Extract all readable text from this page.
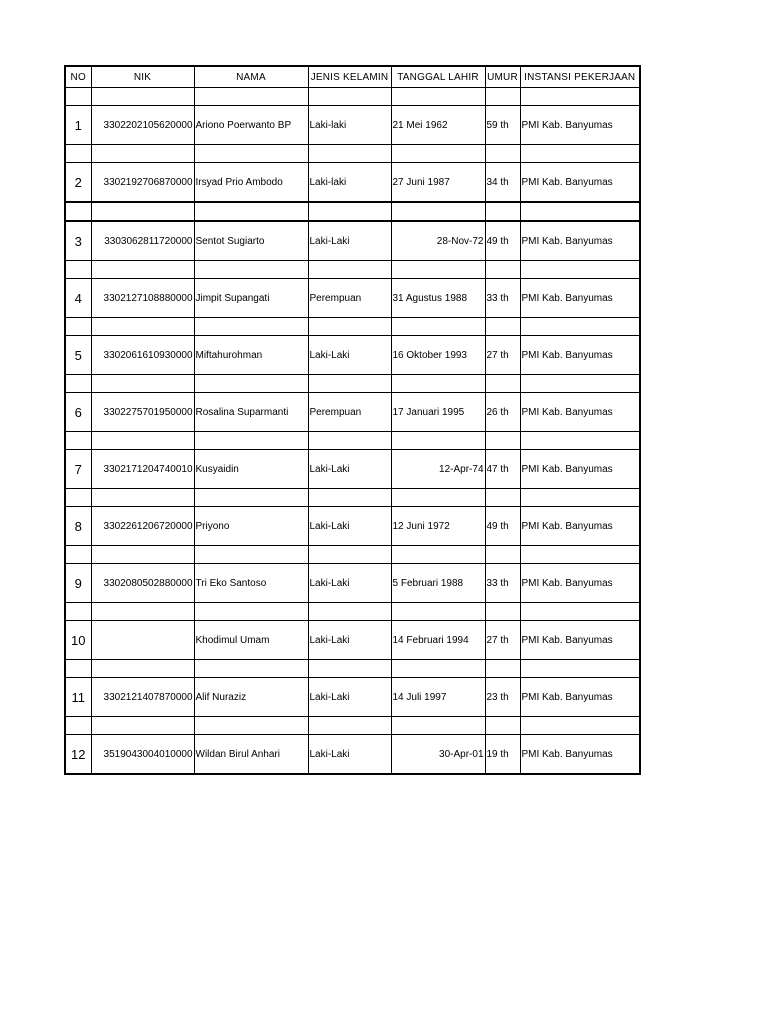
NO	NIK	NAMA	JENIS KELAMIN	TANGGAL LAHIR	UMUR	INSTANSI PEKERJAAN

1	3302202105620000	Ariono Poerwanto BP	Laki-laki	21 Mei 1962	59 th	PMI Kab. Banyumas

2	3302192706870000	Irsyad Prio Ambodo	Laki-laki	27 Juni 1987	34 th	PMI Kab. Banyumas

3	3303062811720000	Sentot Sugiarto	Laki-Laki	28-Nov-72	49 th	PMI Kab. Banyumas

4	3302127108880000	Jimpit Supangati	Perempuan	31 Agustus 1988	33 th	PMI Kab. Banyumas

5	3302061610930000	Miftahurohman	Laki-Laki	16 Oktober 1993	27 th	PMI Kab. Banyumas

6	3302275701950000	Rosalina Suparmanti	Perempuan	17 Januari 1995	26 th	PMI Kab. Banyumas

7	3302171204740010	Kusyaidin	Laki-Laki	12-Apr-74	47 th	PMI Kab. Banyumas

8	3302261206720000	Priyono	Laki-Laki	12 Juni 1972	49 th	PMI Kab. Banyumas

9	3302080502880000	Tri Eko Santoso	Laki-Laki	5 Februari 1988	33 th	PMI Kab. Banyumas

10		Khodimul Umam	Laki-Laki	14 Februari 1994	27 th	PMI Kab. Banyumas

11	3302121407870000	Alif Nuraziz	Laki-Laki	14 Juli 1997	23 th	PMI Kab. Banyumas

12	3519043004010000	Wildan Birul Anhari	Laki-Laki	30-Apr-01	19 th	PMI Kab. Banyumas
